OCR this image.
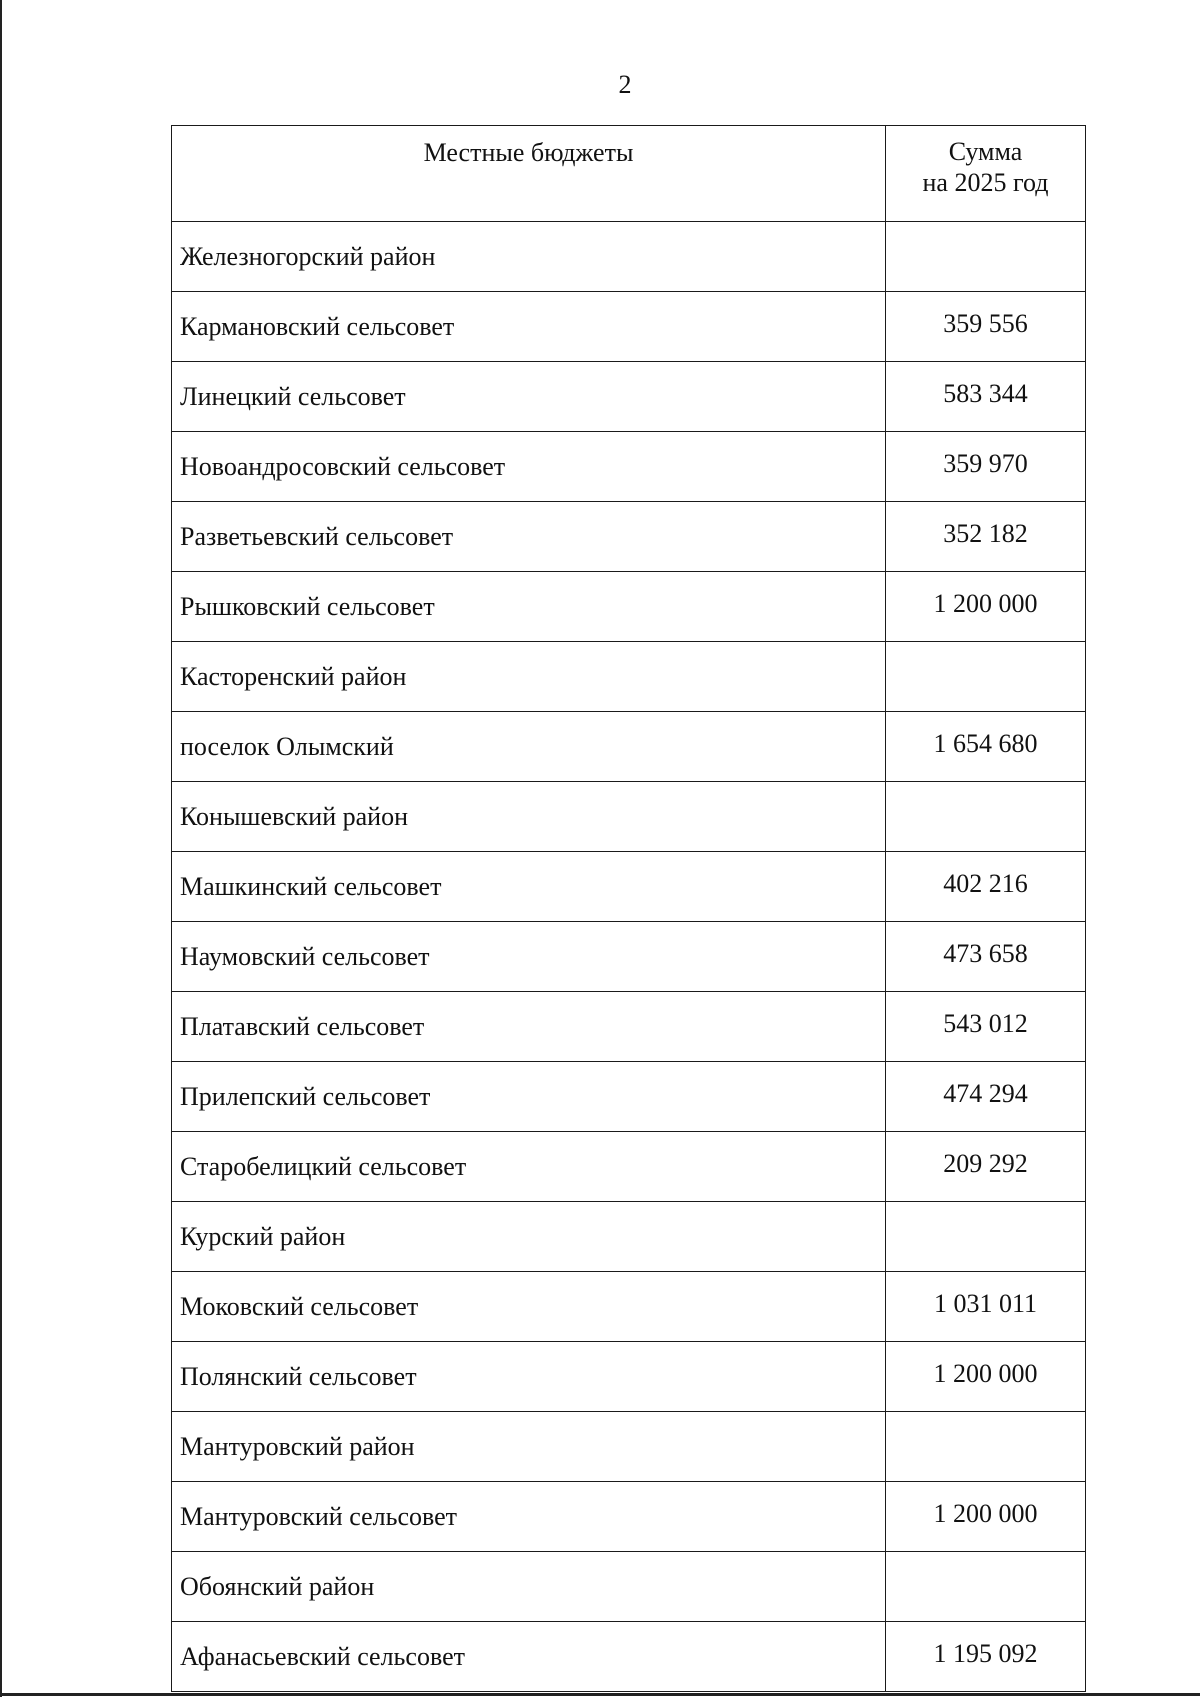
2
Местные бюджеты	Сумма
на 2025 год

Железногорский район	
Кармановский сельсовет	359 556
Линецкий сельсовет	583 344
Новоандросовский сельсовет	359 970
Разветьевский сельсовет	352 182
Рышковский сельсовет	1 200 000
Касторенский район	
поселок Олымский	1 654 680
Конышевский район	
Машкинский сельсовет	402 216
Наумовский сельсовет	473 658
Платавский сельсовет	543 012
Прилепский сельсовет	474 294
Старобелицкий сельсовет	209 292
Курский район	
Моковский сельсовет	1 031 011
Полянский сельсовет	1 200 000
Мантуровский район	
Мантуровский сельсовет	1 200 000
Обоянский район	
Афанасьевский сельсовет	1 195 092
